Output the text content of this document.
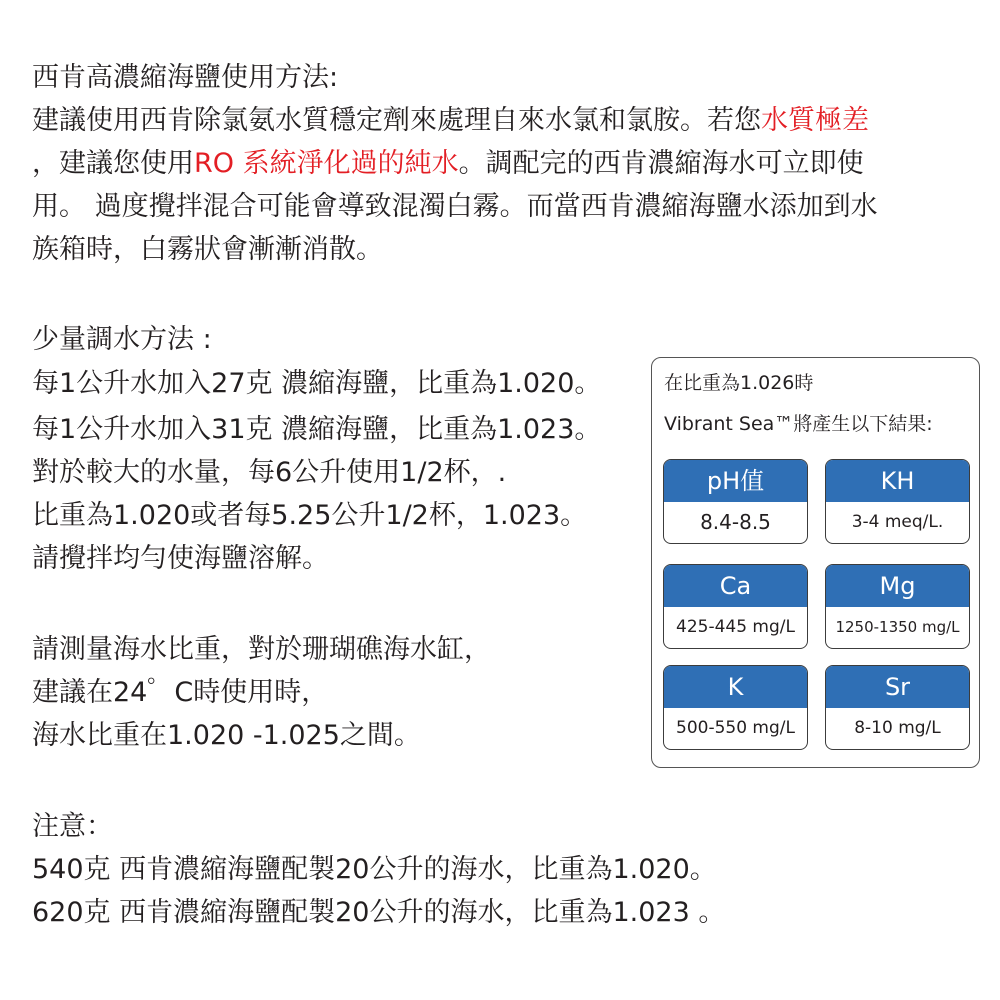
西肯高濃縮海鹽使用方法:
建議使用西肯除氯氨水質穩定劑來處理自來水氯和氯胺。若您水質極差
，建議您使用RO 系統淨化過的純水。調配完的西肯濃縮海水可立即使
用。 過度攪拌混合可能會導致混濁白霧。而當西肯濃縮海鹽水添加到水
族箱時，白霧狀會漸漸消散。
少量調水方法 :
每1公升水加入27克 濃縮海鹽，比重為1.020。
每1公升水加入31克 濃縮海鹽，比重為1.023。
對於較大的水量，每6公升使用1/2杯，.
比重為1.020或者每5.25公升1/2杯，1.023。
請攪拌均勻使海鹽溶解。
請測量海水比重，對於珊瑚礁海水缸，
建議在24゜C時使用時，
海水比重在1.020 -1.025之間。
注意：
540克 西肯濃縮海鹽配製20公升的海水，比重為1.020。
620克 西肯濃縮海鹽配製20公升的海水，比重為1.023 。
在比重為1.026時
Vibrant Sea™將產生以下結果:
pH值
8.4-8.5
KH
3-4 meq/L.
Ca
425-445 mg/L
Mg
1250-1350 mg/L
K
500-550 mg/L
Sr
8-10 mg/L
